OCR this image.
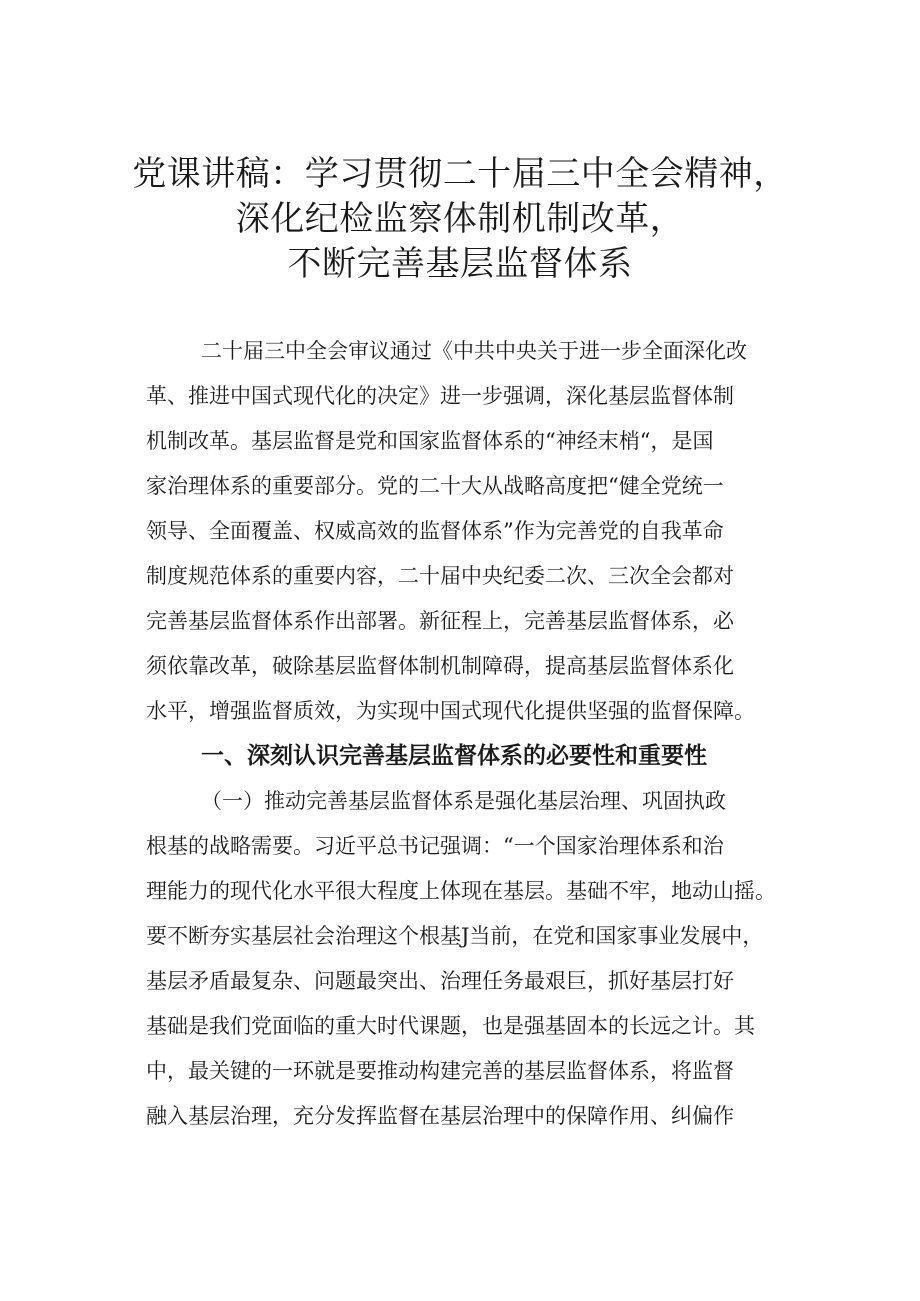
党课讲稿：学习贯彻二十届三中全会精神，
深化纪检监察体制机制改革，
不断完善基层监督体系
二十届三中全会审议通过《中共中央关于进一步全面深化改
革、推进中国式现代化的决定》进一步强调，深化基层监督体制
机制改革。基层监督是党和国家监督体系的“神经末梢“，是国
家治理体系的重要部分。党的二十大从战略高度把“健全党统一
领导、全面覆盖、权威高效的监督体系”作为完善党的自我革命
制度规范体系的重要内容，二十届中央纪委二次、三次全会都对
完善基层监督体系作出部署。新征程上，完善基层监督体系，必
须依靠改革，破除基层监督体制机制障碍，提高基层监督体系化
水平，增强监督质效，为实现中国式现代化提供坚强的监督保障。
一、深刻认识完善基层监督体系的必要性和重要性
（一）推动完善基层监督体系是强化基层治理、巩固执政
根基的战略需要。习近平总书记强调：“一个国家治理体系和治
理能力的现代化水平很大程度上体现在基层。基础不牢，地动山摇。
要不断夯实基层社会治理这个根基J当前，在党和国家事业发展中，
基层矛盾最复杂、问题最突出、治理任务最艰巨，抓好基层打好
基础是我们党面临的重大时代课题，也是强基固本的长远之计。其
中，最关键的一环就是要推动构建完善的基层监督体系，将监督
融入基层治理，充分发挥监督在基层治理中的保障作用、纠偏作
